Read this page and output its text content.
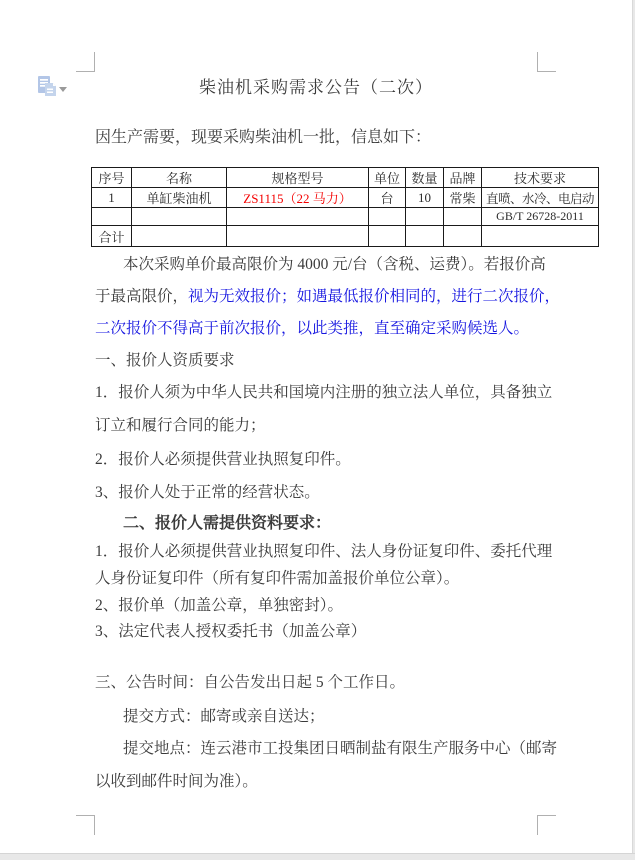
柴油机采购需求公告（二次）
因生产需要，现要采购柴油机一批，信息如下：
序号	名称	规格型号	单位	数量	品牌	技术要求
1	单缸柴油机	ZS1115（22 马力）	台	10	常柴	直喷、水冷、电启动
						GB/T 26728-2011
合计						
本次采购单价最高限价为 4000 元/台（含税、运费）。若报价高
于最高限价，视为无效报价；如遇最低报价相同的，进行二次报价，
二次报价不得高于前次报价，以此类推，直至确定采购候选人。
一、报价人资质要求
1．报价人须为中华人民共和国境内注册的独立法人单位，具备独立
订立和履行合同的能力；
2．报价人必须提供营业执照复印件。
3、报价人处于正常的经营状态。
二、报价人需提供资料要求：
1．报价人必须提供营业执照复印件、法人身份证复印件、委托代理
人身份证复印件（所有复印件需加盖报价单位公章）。
2、报价单（加盖公章，单独密封）。
3、法定代表人授权委托书（加盖公章）
三、公告时间：自公告发出日起 5 个工作日。
提交方式：邮寄或亲自送达；
提交地点：连云港市工投集团日晒制盐有限生产服务中心（邮寄
以收到邮件时间为准）。
